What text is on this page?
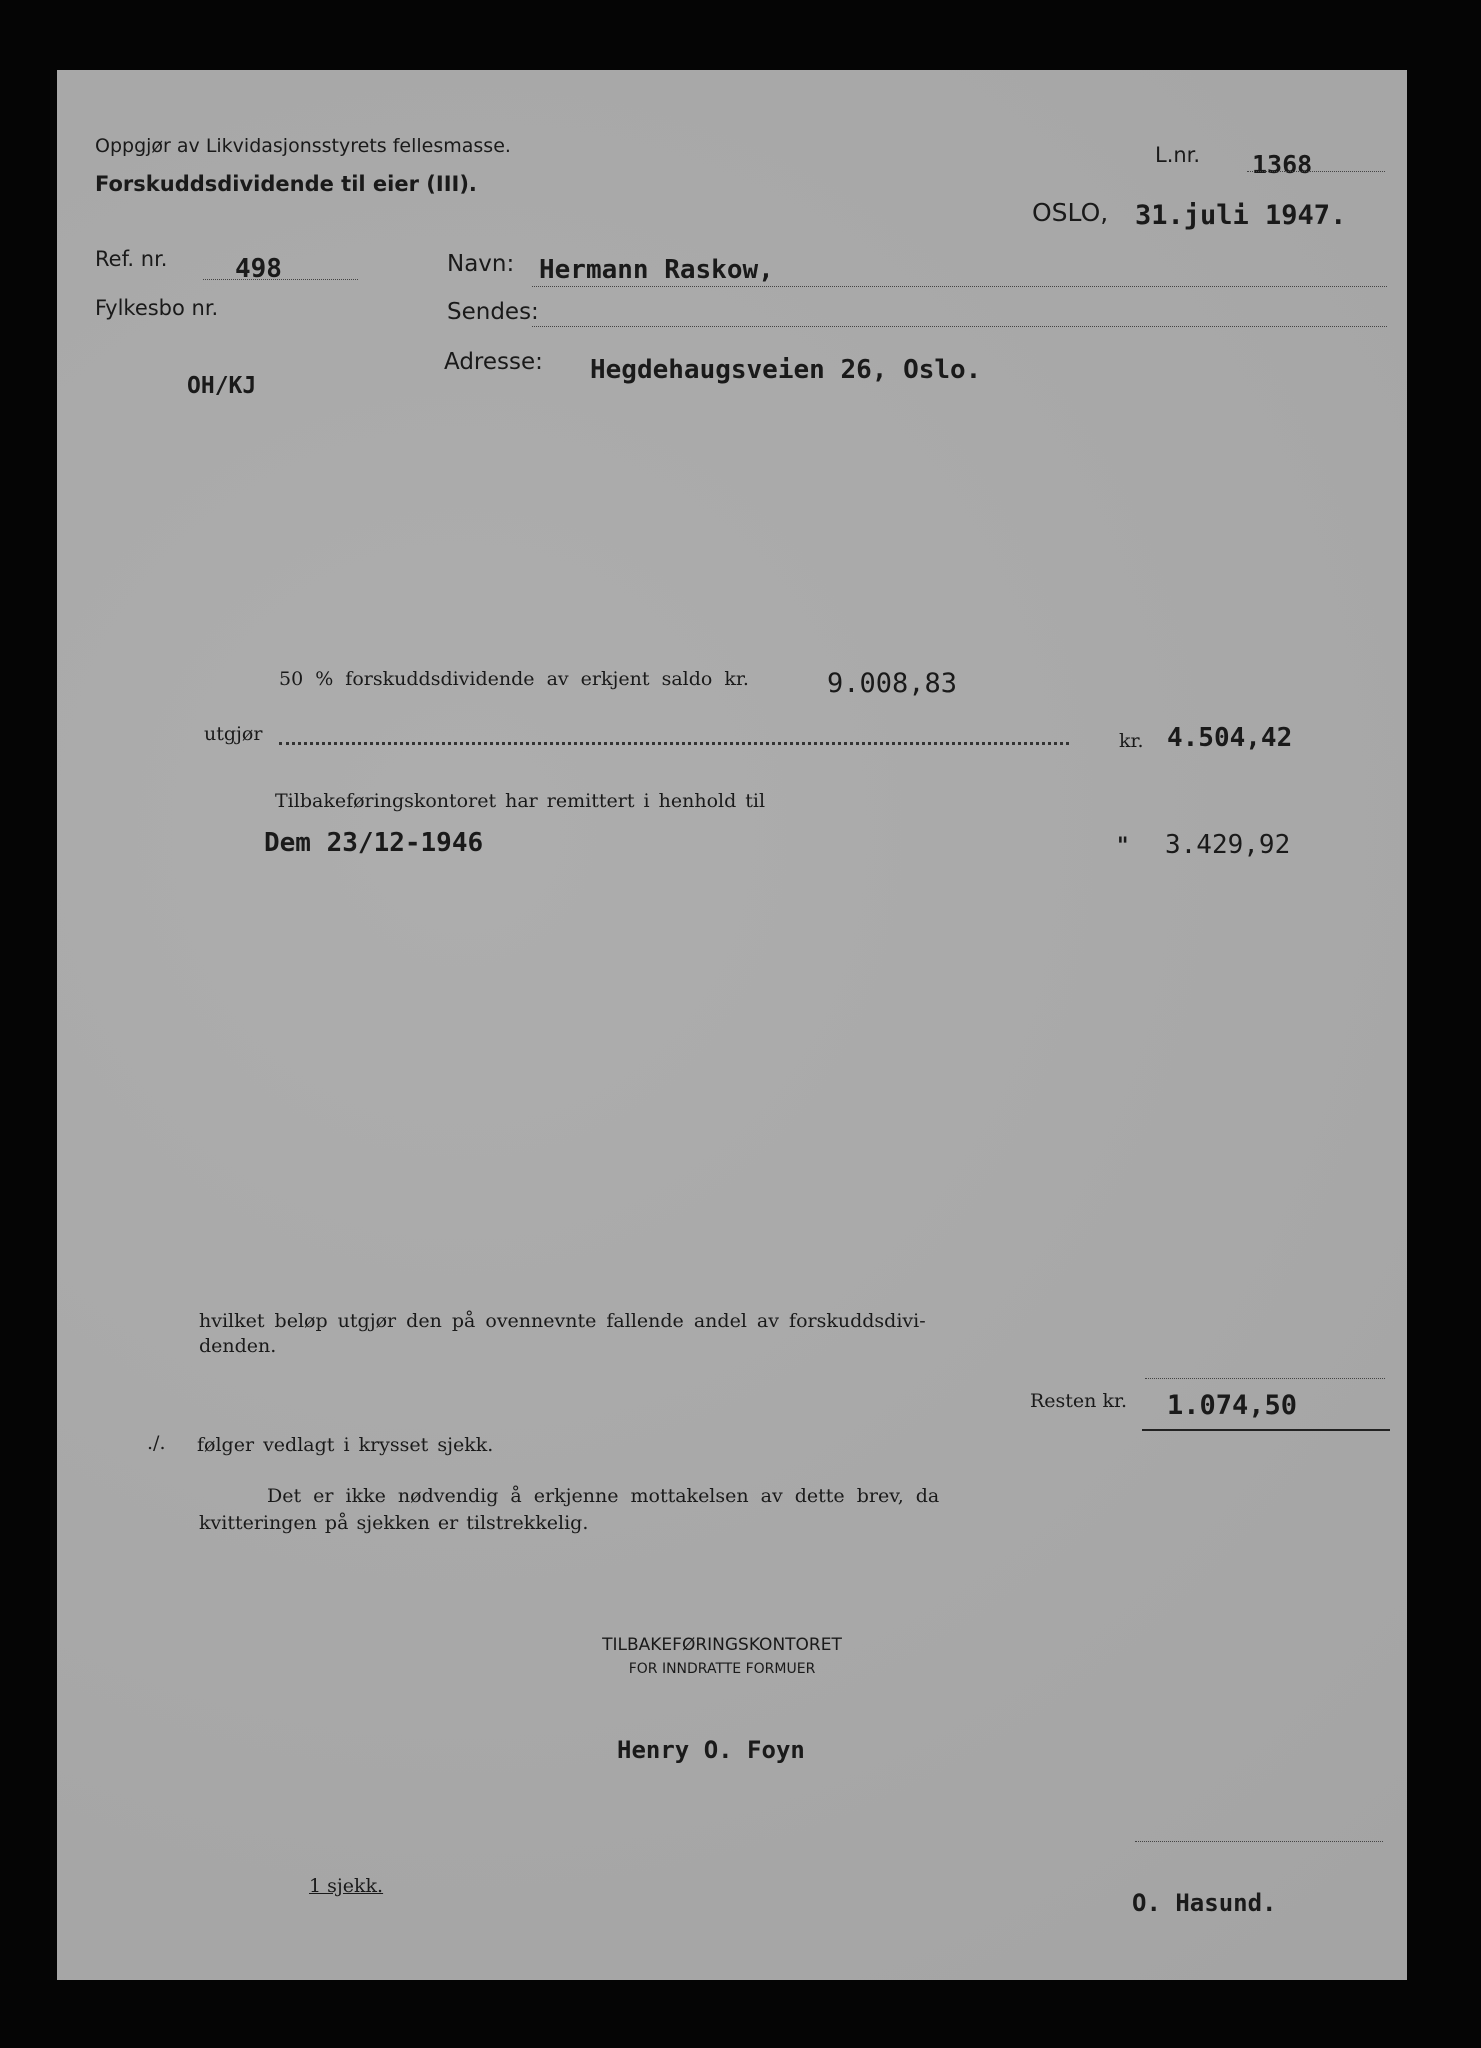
Oppgjør av Likvidasjonsstyrets fellesmasse.
Forskuddsdividende til eier (III).
L.nr. 1368
OSLO, 31.juli 1947.
Ref. nr.	498
Fylkesbo nr.
OH/KJ
Navn: Hermann Raskow,
Sendes:
Adresse: Hegdehaugsveien 26, Oslo.
50 % forskuddsdividende av erkjent saldo kr.	9.008,83
utgjør	kr. 4.504,42
Tilbakeføringskontoret har remittert i henhold til
Dem 23/12-1946	" 3.429,92
hvilket beløp utgjør den på ovennevnte fallende andel av forskuddsdivi-
denden.
Resten kr. 1.074,50
./. følger vedlagt i krysset sjekk.
Det er ikke nødvendig å erkjenne mottakelsen av dette brev, da
kvitteringen på sjekken er tilstrekkelig.
TILBAKEFØRINGSKONTORET
FOR INNDRATTE FORMUER
Henry O. Foyn
1 sjekk.
O. Hasund.
